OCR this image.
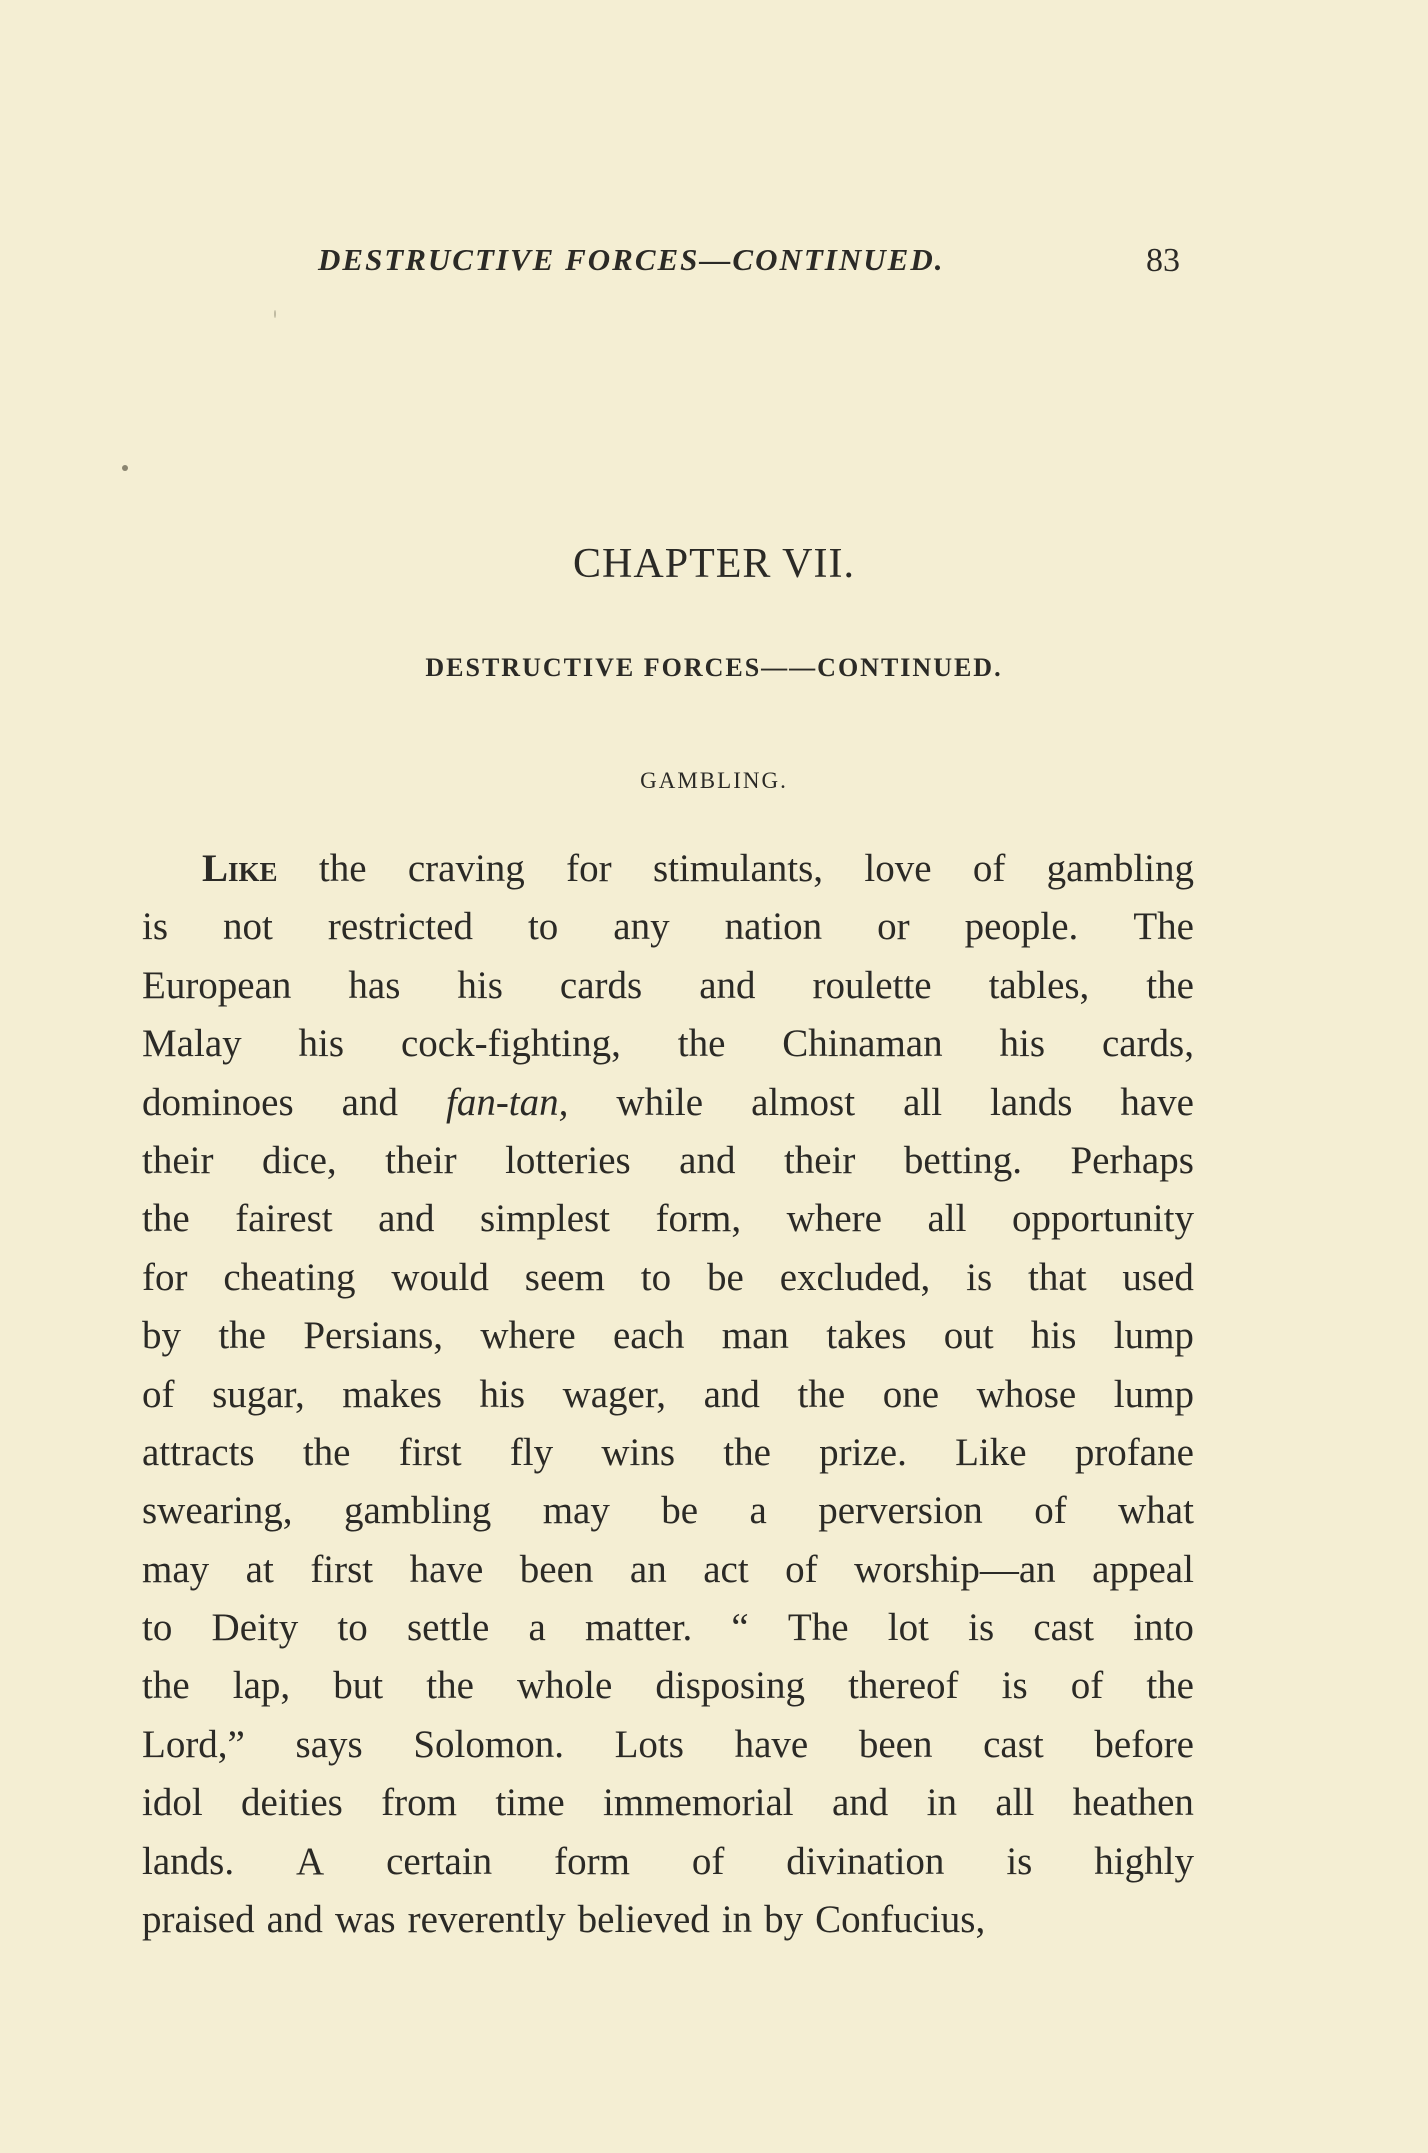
DESTRUCTIVE FORCES—CONTINUED.	83
CHAPTER VII.
DESTRUCTIVE FORCES——CONTINUED.
GAMBLING.
Like the craving for stimulants, love of gambling
is not restricted to any nation or people. The
European has his cards and roulette tables, the
Malay his cock-fighting, the Chinaman his cards,
dominoes and fan-tan, while almost all lands have
their dice, their lotteries and their betting. Perhaps
the fairest and simplest form, where all opportunity
for cheating would seem to be excluded, is that used
by the Persians, where each man takes out his lump
of sugar, makes his wager, and the one whose lump
attracts the first fly wins the prize. Like profane
swearing, gambling may be a perversion of what
may at first have been an act of worship—an appeal
to Deity to settle a matter. “ The lot is cast into
the lap, but the whole disposing thereof is of the
Lord,” says Solomon. Lots have been cast before
idol deities from time immemorial and in all heathen
lands. A certain form of divination is highly
praised and was reverently believed in by Confucius,
